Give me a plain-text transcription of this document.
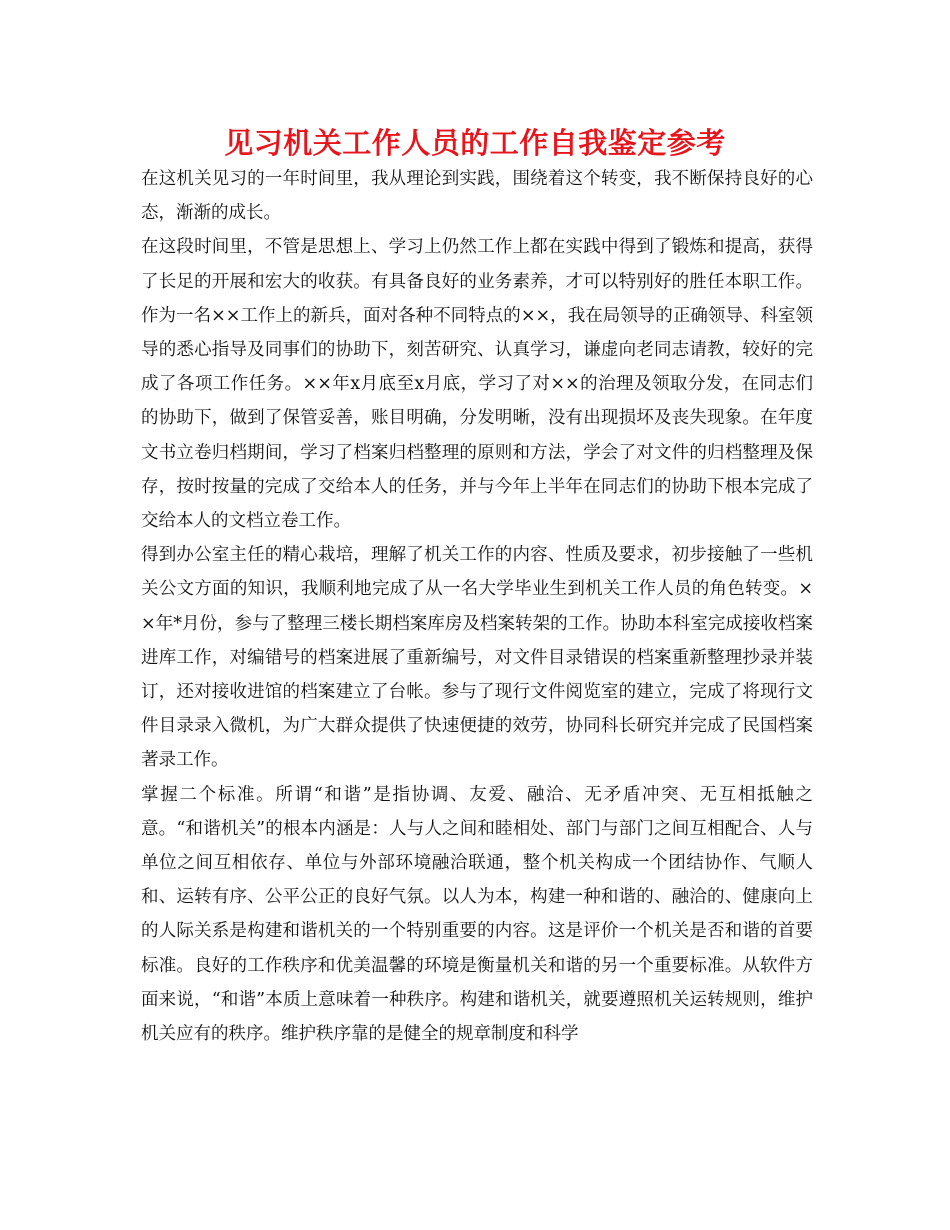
见习机关工作人员的工作自我鉴定参考

在这机关见习的一年时间里，我从理论到实践，围绕着这个转变，我不断保持良好的心态，渐渐的成长。

在这段时间里，不管是思想上、学习上仍然工作上都在实践中得到了锻炼和提高，获得了长足的开展和宏大的收获。有具备良好的业务素养，才可以特别好的胜任本职工作。作为一名××工作上的新兵，面对各种不同特点的××，我在局领导的正确领导、科室领导的悉心指导及同事们的协助下，刻苦研究、认真学习，谦虚向老同志请教，较好的完成了各项工作任务。××年x月底至x月底，学习了对××的治理及领取分发，在同志们的协助下，做到了保管妥善，账目明确，分发明晰，没有出现损坏及丧失现象。在年度文书立卷归档期间，学习了档案归档整理的原则和方法，学会了对文件的归档整理及保存，按时按量的完成了交给本人的任务，并与今年上半年在同志们的协助下根本完成了交给本人的文档立卷工作。

得到办公室主任的精心栽培，理解了机关工作的内容、性质及要求，初步接触了一些机关公文方面的知识，我顺利地完成了从一名大学毕业生到机关工作人员的角色转变。××年*月份，参与了整理三楼长期档案库房及档案转架的工作。协助本科室完成接收档案进库工作，对编错号的档案进展了重新编号，对文件目录错误的档案重新整理抄录并装订，还对接收进馆的档案建立了台帐。参与了现行文件阅览室的建立，完成了将现行文件目录录入微机，为广大群众提供了快速便捷的效劳，协同科长研究并完成了民国档案著录工作。

掌握二个标准。所谓“和谐”是指协调、友爱、融洽、无矛盾冲突、无互相抵触之意。“和谐机关”的根本内涵是：人与人之间和睦相处、部门与部门之间互相配合、人与单位之间互相依存、单位与外部环境融洽联通，整个机关构成一个团结协作、气顺人和、运转有序、公平公正的良好气氛。以人为本，构建一种和谐的、融洽的、健康向上的人际关系是构建和谐机关的一个特别重要的内容。这是评价一个机关是否和谐的首要标准。良好的工作秩序和优美温馨的环境是衡量机关和谐的另一个重要标准。从软件方面来说，“和谐”本质上意味着一种秩序。构建和谐机关，就要遵照机关运转规则，维护机关应有的秩序。维护秩序靠的是健全的规章制度和科学
